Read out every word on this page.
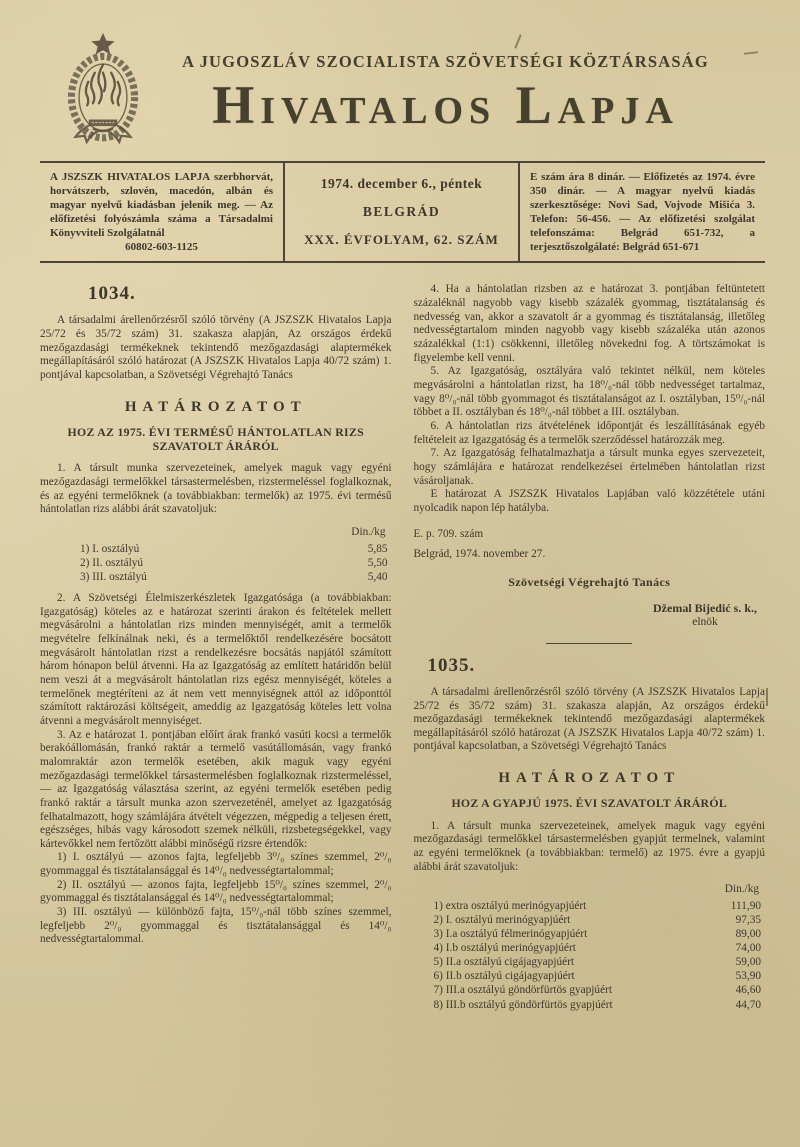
A JUGOSZLÁV SZOCIALISTA SZÖVETSÉGI KÖZTÁRSASÁG
Hivatalos Lapja
A JSZSZK HIVATALOS LAPJA szerbhorvát, horvátszerb, szlovén, macedón, albán és magyar nyelvű kiadásban jelenik meg. — Az előfizetési folyószámla száma a Társadalmi Könyvviteli Szolgálatnál
60802-603-1125
1974. december 6., péntek
BELGRÁD
XXX. ÉVFOLYAM, 62. SZÁM
E szám ára 8 dinár. — Előfizetés az 1974. évre 350 dinár. — A magyar nyelvű kiadás szerkesztősége: Novi Sad, Vojvode Mišića 3. Telefon: 56-456. — Az előfizetési szolgálat telefonszáma: Belgrád 651-732, a terjesztőszolgálaté: Belgrád 651-671
1034.

A társadalmi árellenőrzésről szóló törvény (A JSZSZK Hivatalos Lapja 25/72 és 35/72 szám) 31. szakasza alapján, Az országos érdekű mezőgazdasági termékeknek tekintendő mezőgazdasági alaptermékek megállapításáról szóló határozat (A JSZSZK Hivatalos Lapja 40/72 szám) 1. pontjával kapcsolatban, a Szövetségi Végrehajtó Tanács

HATÁROZATOT
HOZ AZ 1975. ÉVI TERMÉSŰ HÁNTOLATLAN RIZS SZAVATOLT ÁRÁRÓL

1. A társult munka szervezeteinek, amelyek maguk vagy egyéni mezőgazdasági termelőkkel társastermelésben, rizstermeléssel foglalkoznak, és az egyéni termelőknek (a továbbiakban: termelők) az 1975. évi termésű hántolatlan rizs alábbi árát szavatoljuk:

Din./kg
1) I. osztályú	5,85
2) II. osztályú	5,50
3) III. osztályú	5,40

2. A Szövetségi Élelmiszerkészletek Igazgatósága (a továbbiakban: Igazgatóság) köteles az e határozat szerinti árakon és feltételek mellett megvásárolni a hántolatlan rizs minden mennyiségét, amit a termelők megvételre felkínálnak neki, és a termelőktől rendelkezésére bocsátott megvásárolt hántolatlan rizst a rendelkezésre bocsátás napjától számított három hónapon belül átvenni. Ha az Igazgatóság az említett határidőn belül nem veszi át a megvásárolt hántolatlan rizs egész mennyiségét, köteles a termelőnek megtéríteni az át nem vett mennyiségnek attól az időponttól számított raktározási költségeit, ameddig az Igazgatóság köteles lett volna átvenni a megvásárolt mennyiséget.

3. Az e határozat 1. pontjában előírt árak frankó vasúti kocsi a termelők berakóállomásán, frankó raktár a termelő vasútállomásán, vagy frankó malomraktár azon termelők esetében, akik maguk vagy egyéni mezőgazdasági termelőkkel társastermelésben foglalkoznak rizstermeléssel, — az Igazgatóság választása szerint, az egyéni termelők esetében pedig frankó raktár a társult munka azon szervezeténél, amelyet az Igazgatóság felhatalmazott, hogy számlájára átvételt végezzen, mégpedig a teljesen érett, egészséges, hibás vagy károsodott szemek nélküli, rizsbetegségekkel, vagy kártevőkkel nem fertőzött alábbi minőségű rizsre értendők:

1) I. osztályú — azonos fajta, legfeljebb 3⁰/₀ színes szemmel, 2⁰/₀ gyommaggal és tisztátalansággal és 14⁰/₀ nedvességtartalommal;

2) II. osztályú — azonos fajta, legfeljebb 15⁰/₀ színes szemmel, 2⁰/₀ gyommaggal és tisztátalansággal és 14⁰/₀ nedvességtartalommal;

3) III. osztályú — különböző fajta, 15⁰/₀-nál több színes szemmel, legfeljebb 2⁰/₀ gyommaggal és tisztátalansággal és 14⁰/₀ nedvességtartalommal.

4. Ha a hántolatlan rizsben az e határozat 3. pontjában feltüntetett százaléknál nagyobb vagy kisebb százalék gyommag, tisztátalanság és nedvesség van, akkor a szavatolt ár a gyommag és tisztátalanság, illetőleg nedvességtartalom minden nagyobb vagy kisebb százaléka után azonos százalékkal (1:1) csökkenni, illetőleg növekedni fog. A törtszámokat is figyelembe kell venni.

5. Az Igazgatóság, osztályára való tekintet nélkül, nem köteles megvásárolni a hántolatlan rizst, ha 18⁰/₀-nál több nedvességet tartalmaz, vagy 8⁰/₀-nál több gyommagot és tisztátalanságot az I. osztályban, 15⁰/₀-nál többet a II. osztályban és 18⁰/₀-nál többet a III. osztályban.

6. A hántolatlan rizs átvételének időpontját és leszállításának egyéb feltételeit az Igazgatóság és a termelők szerződéssel határozzák meg.

7. Az Igazgatóság felhatalmazhatja a társult munka egyes szervezeteit, hogy számlájára e határozat rendelkezései értelmében hántolatlan rizst vásároljanak.

E határozat A JSZSZK Hivatalos Lapjában való közzététele utáni nyolcadik napon lép hatályba.

E. p. 709. szám

Belgrád, 1974. november 27.

Szövetségi Végrehajtó Tanács
Džemal Bijedić s. k.,
elnök
1035.

A társadalmi árellenőrzésről szóló törvény (A JSZSZK Hivatalos Lapja 25/72 és 35/72 szám) 31. szakasza alapján, Az országos érdekű mezőgazdasági termékeknek tekintendő mezőgazdasági alaptermékek megállapításáról szóló határozat (A JSZSZK Hivatalos Lapja 40/72 szám) 1. pontjával kapcsolatban, a Szövetségi Végrehajtó Tanács

HATÁROZATOT
HOZ A GYAPJÚ 1975. ÉVI SZAVATOLT ÁRÁRÓL

1. A társult munka szervezeteinek, amelyek maguk vagy egyéni mezőgazdasági termelőkkel társastermelésben gyapjút termelnek, valamint az egyéni termelőknek (a továbbiakban: termelő) az 1975. évre a gyapjú alábbi árát szavatoljuk:

Din./kg
1) extra osztályú merinógyapjúért	111,90
2) I. osztályú merinógyapjúért	97,35
3) I.a osztályú félmerinógyapjúért	89,00
4) I.b osztályú merinógyapjúért	74,00
5) II.a osztályú cigájagyapjúért	59,00
6) II.b osztályú cigájagyapjúért	53,90
7) III.a osztályú göndörfürtös gyapjúért	46,60
8) III.b osztályú göndörfürtös gyapjúért	44,70
